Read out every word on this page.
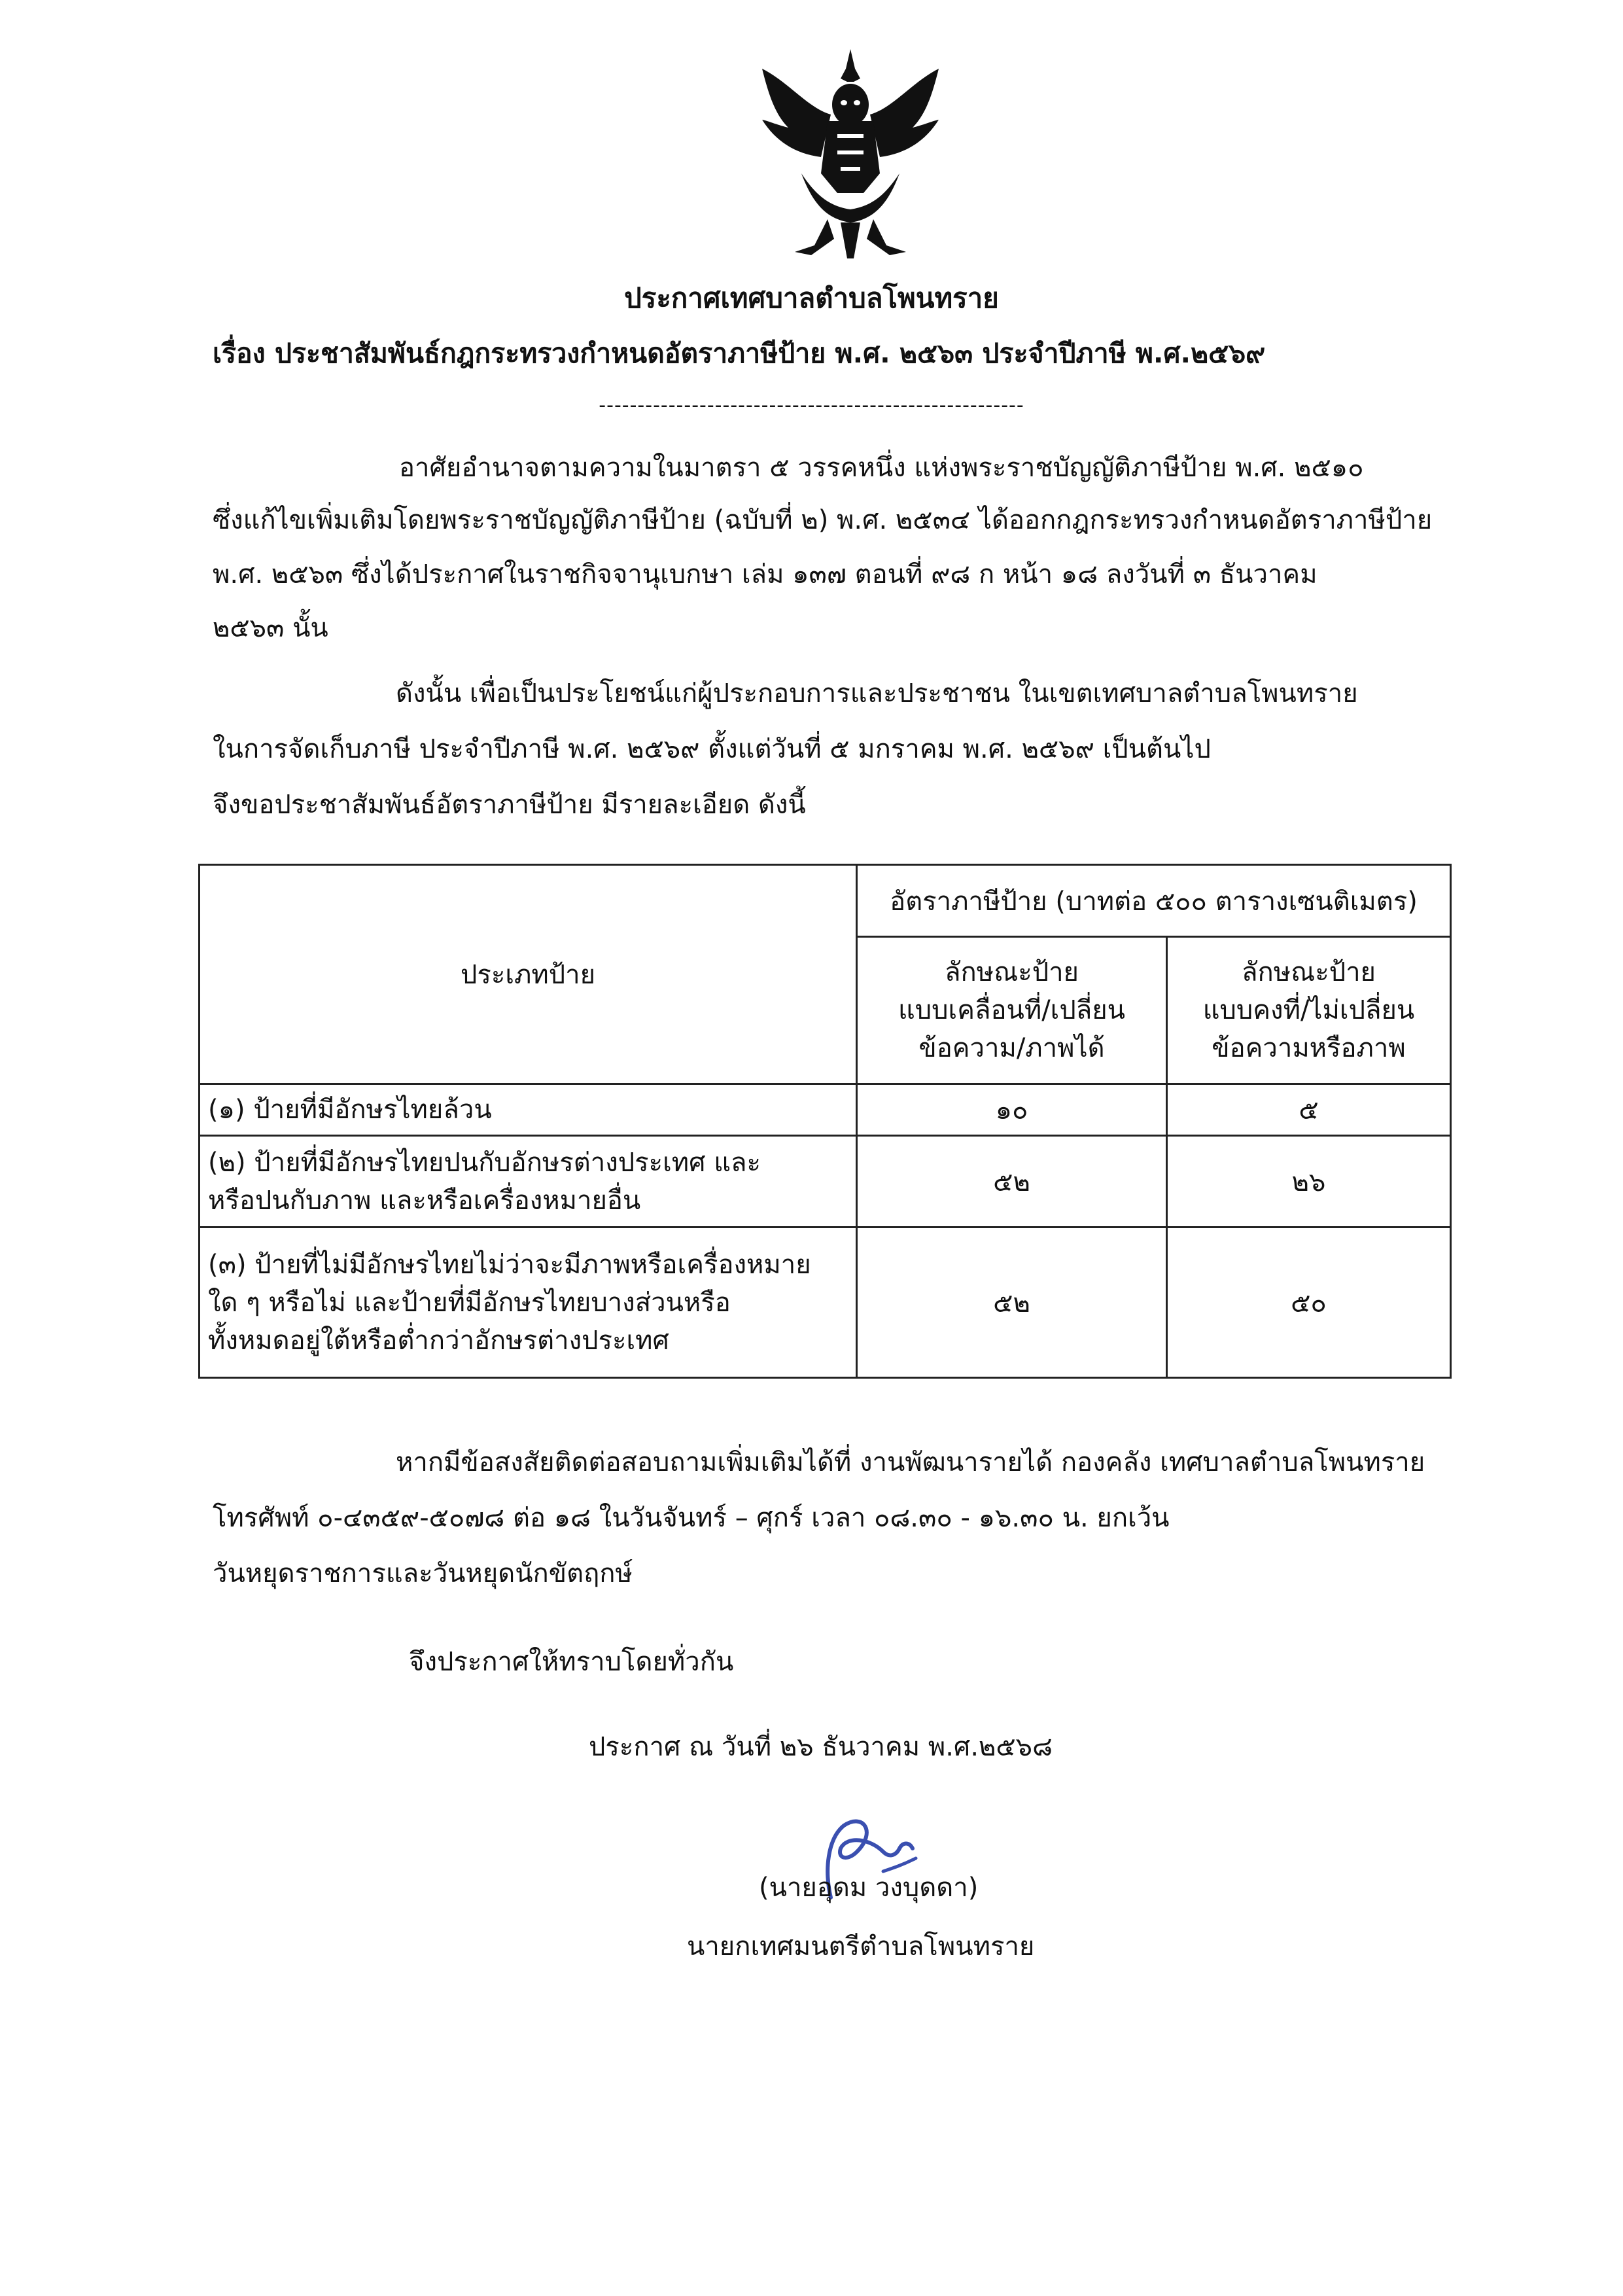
ประกาศเทศบาลตำบลโพนทราย
เรื่อง ประชาสัมพันธ์กฎกระทรวงกำหนดอัตราภาษีป้าย พ.ศ. ๒๕๖๓ ประจำปีภาษี พ.ศ.๒๕๖๙
-------------------------------------------------------
อาศัยอำนาจตามความในมาตรา ๕ วรรคหนึ่ง แห่งพระราชบัญญัติภาษีป้าย พ.ศ. ๒๕๑๐
ซึ่งแก้ไขเพิ่มเติมโดยพระราชบัญญัติภาษีป้าย (ฉบับที่ ๒) พ.ศ. ๒๕๓๔ ได้ออกกฎกระทรวงกำหนดอัตราภาษีป้าย
พ.ศ. ๒๕๖๓ ซึ่งได้ประกาศในราชกิจจานุเบกษา เล่ม ๑๓๗ ตอนที่ ๙๘ ก หน้า ๑๘ ลงวันที่ ๓ ธันวาคม
๒๕๖๓ นั้น
ดังนั้น เพื่อเป็นประโยชน์แก่ผู้ประกอบการและประชาชน ในเขตเทศบาลตำบลโพนทราย
ในการจัดเก็บภาษี ประจำปีภาษี พ.ศ. ๒๕๖๙ ตั้งแต่วันที่ ๕ มกราคม พ.ศ. ๒๕๖๙ เป็นต้นไป
จึงขอประชาสัมพันธ์อัตราภาษีป้าย มีรายละเอียด ดังนี้
ประเภทป้าย	อัตราภาษีป้าย (บาทต่อ ๕๐๐ ตารางเซนติเมตร)	

	ลักษณะป้าย
แบบเคลื่อนที่/เปลี่ยน
ข้อความ/ภาพได้	ลักษณะป้าย
แบบคงที่/ไม่เปลี่ยน
ข้อความหรือภาพ

(๑) ป้ายที่มีอักษรไทยล้วน	๑๐	๕

(๒) ป้ายที่มีอักษรไทยปนกับอักษรต่างประเทศ และ
หรือปนกับภาพ และหรือเครื่องหมายอื่น	๕๒	๒๖

(๓) ป้ายที่ไม่มีอักษรไทยไม่ว่าจะมีภาพหรือเครื่องหมาย
ใด ๆ หรือไม่ และป้ายที่มีอักษรไทยบางส่วนหรือ
ทั้งหมดอยู่ใต้หรือต่ำกว่าอักษรต่างประเทศ	๕๒	๕๐
หากมีข้อสงสัยติดต่อสอบถามเพิ่มเติมได้ที่ งานพัฒนารายได้ กองคลัง เทศบาลตำบลโพนทราย
โทรศัพท์ ๐-๔๓๕๙-๕๐๗๘ ต่อ ๑๘ ในวันจันทร์ – ศุกร์ เวลา ๐๘.๓๐ - ๑๖.๓๐ น. ยกเว้น
วันหยุดราชการและวันหยุดนักขัตฤกษ์
จึงประกาศให้ทราบโดยทั่วกัน
ประกาศ ณ วันที่ ๒๖ ธันวาคม พ.ศ.๒๕๖๘
(นายอุดม วงบุดดา)
นายกเทศมนตรีตำบลโพนทราย
